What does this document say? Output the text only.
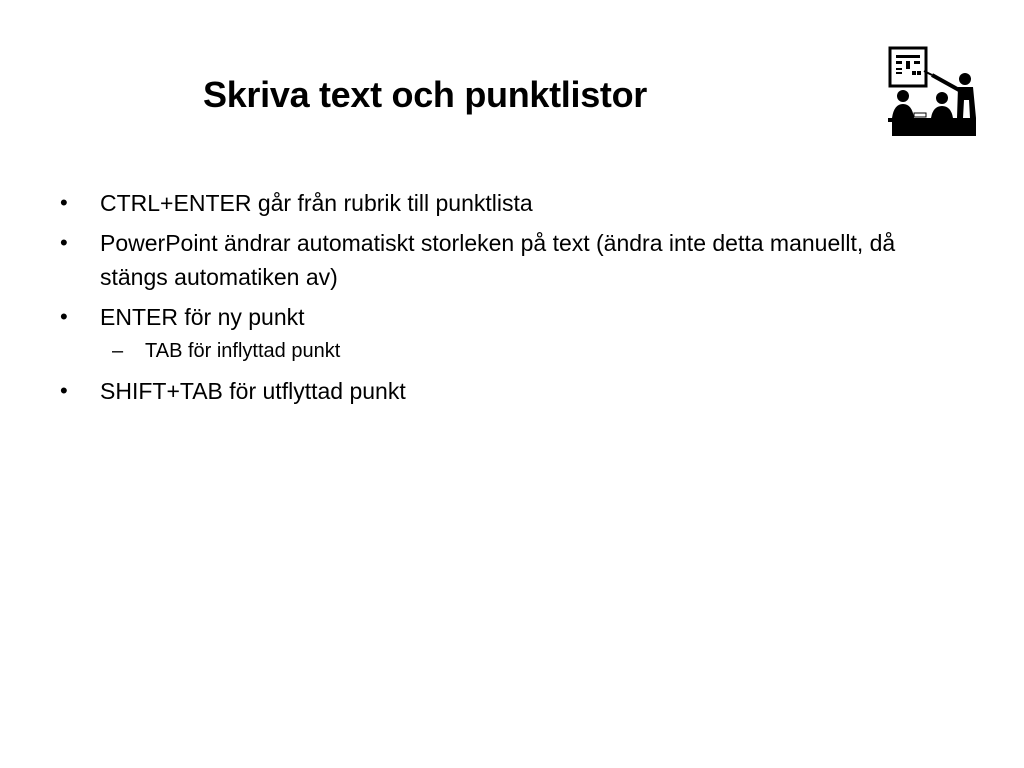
Skriva text och punktlistor
•	CTRL+ENTER går från rubrik till punktlista
•	PowerPoint ändrar automatiskt storleken på text (ändra inte detta manuellt, då stängs automatiken av)
•	ENTER för ny punkt
– TAB för inflyttad punkt
•	SHIFT+TAB för utflyttad punkt
